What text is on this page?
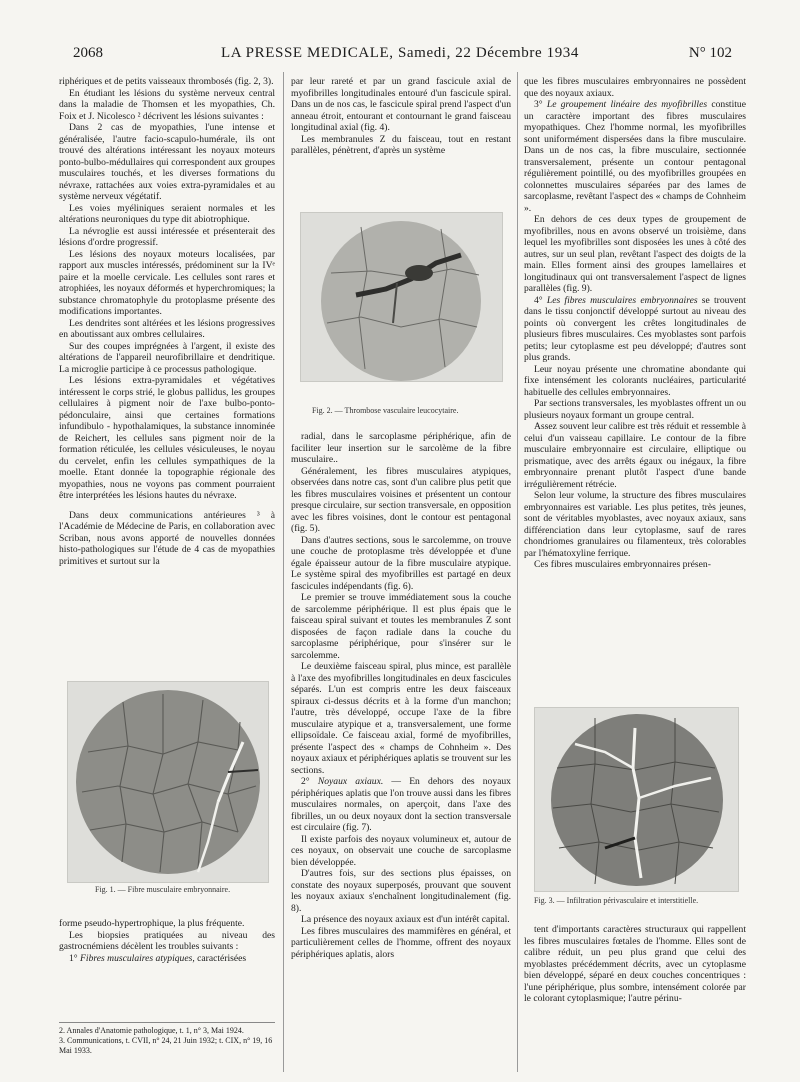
2068	LA PRESSE MEDICALE, Samedi, 22 Décembre 1934	N° 102

riphériques et de petits vaisseaux thrombosés (fig. 2, 3).

En étudiant les lésions du système nerveux central dans la maladie de Thomsen et les myopathies, Ch. Foix et J. Nicolesco ² décrivent les lésions suivantes :

Dans 2 cas de myopathies, l'une intense et généralisée, l'autre facio-scapulo-humérale, ils ont trouvé des altérations intéressant les noyaux moteurs ponto-bulbo-médullaires qui correspondent aux groupes musculaires touchés, et les diverses formations du névraxe, rattachées aux voies extra-pyramidales et au système nerveux végétatif.

Les voies myéliniques seraient normales et les altérations neuroniques du type dit abiotrophique.

La névroglie est aussi intéressée et présenterait des lésions d'ordre progressif.

Les lésions des noyaux moteurs localisées, par rapport aux muscles intéressés, prédominent sur la IVᵉ paire et la moelle cervicale. Les cellules sont rares et atrophiées, les noyaux déformés et hyperchromiques; la substance chromatophyle du protoplasme présente des modifications importantes.

Les dendrites sont altérées et les lésions progressives en aboutissant aux ombres cellulaires.

Sur des coupes imprégnées à l'argent, il existe des altérations de l'appareil neurofibrillaire et dendritique. La microglie participe à ce processus pathologique.

Les lésions extra-pyramidales et végétatives intéressent le corps strié, le globus pallidus, les groupes cellulaires à pigment noir de l'axe bulbo-ponto-pédonculaire, ainsi que certaines formations infundibulo - hypothalamiques, la substance innominée de Reichert, les cellules sans pigment noir de la formation réticulée, les cellules vésiculeuses, le noyau du cervelet, enfin les cellules sympathiques de la moelle. Etant donnée la topographie régionale des myopathies, nous ne voyons pas comment pourraient être interprétées les lésions hautes du névraxe.

Dans deux communications antérieures ³ à l'Académie de Médecine de Paris, en collaboration avec Scriban, nous avons apporté de nouvelles données histo-pathologiques sur l'étude de 4 cas de myopathies primitives et surtout sur la

Fig. 1. — Fibre musculaire embryonnaire.

forme pseudo-hypertrophique, la plus fréquente.

Les biopsies pratiquées au niveau des gastrocnémiens décèlent les troubles suivants :

1° Fibres musculaires atypiques, caractérisées

2. Annales d'Anatomie pathologique, t. 1, n° 3, Mai 1924.

3. Communications, t. CVII, n° 24, 21 Juin 1932; t. CIX, n° 19, 16 Mai 1933.

par leur rareté et par un grand fascicule axial de myofibrilles longitudinales entouré d'un fascicule spiral. Dans un de nos cas, le fascicule spiral prend l'aspect d'un anneau étroit, entourant et contournant le grand faisceau longitudinal axial (fig. 4).

Les membranules Z du faisceau, tout en restant parallèles, pénètrent, d'après un système

Fig. 2. — Thrombose vasculaire leucocytaire.

radial, dans le sarcoplasme périphérique, afin de faciliter leur insertion sur le sarcolème de la fibre musculaire..

Généralement, les fibres musculaires atypiques, observées dans notre cas, sont d'un calibre plus petit que les fibres musculaires voisines et présentent un contour presque circulaire, sur section transversale, en opposition avec les fibres voisines, dont le contour est pentagonal (fig. 5).

Dans d'autres sections, sous le sarcolemme, on trouve une couche de protoplasme très développée et d'une égale épaisseur autour de la fibre musculaire atypique. Le système spiral des myofibrilles est partagé en deux fascicules indépendants (fig. 6).

Le premier se trouve immédiatement sous la couche de sarcolemme périphérique. Il est plus épais que le faisceau spiral suivant et toutes les membranules Z sont disposées de façon radiale dans la couche du sarcoplasme périphérique, pour s'insérer sur le sarcolemme.

Le deuxième faisceau spiral, plus mince, est parallèle à l'axe des myofibrilles longitudinales en deux fascicules séparés. L'un est compris entre les deux faisceaux spiraux ci-dessus décrits et à la forme d'un manchon; l'autre, très développé, occupe l'axe de la fibre musculaire atypique et a, transversalement, une forme ellipsoïdale. Ce faisceau axial, formé de myofibrilles, présente l'aspect des « champs de Cohnheim ». Des noyaux axiaux et périphériques aplatis se trouvent sur les sections.

2° Noyaux axiaux. — En dehors des noyaux périphériques aplatis que l'on trouve aussi dans les fibres musculaires normales, on aperçoit, dans l'axe des fibrilles, un ou deux noyaux dont la section transversale est circulaire (fig. 7).

Il existe parfois des noyaux volumineux et, autour de ces noyaux, on observait une couche de sarcoplasme bien développée.

D'autres fois, sur des sections plus épaisses, on constate des noyaux superposés, prouvant que souvent les noyaux axiaux s'enchaînent longitudinalement (fig. 8).

La présence des noyaux axiaux est d'un intérêt capital.

Les fibres musculaires des mammifères en général, et particulièrement celles de l'homme, offrent des noyaux périphériques aplatis, alors

que les fibres musculaires embryonnaires ne possèdent que des noyaux axiaux.

3° Le groupement linéaire des myofibrilles constitue un caractère important des fibres musculaires myopathiques. Chez l'homme normal, les myofibrilles sont uniformément dispersées dans la fibre musculaire. Dans un de nos cas, la fibre musculaire, sectionnée transversalement, présente un contour pentagonal régulièrement pointillé, ou des myofibrilles groupées en colonnettes musculaires séparées par des lames de sarcoplasme, revêtant l'aspect des « champs de Cohnheim ».

En dehors de ces deux types de groupement de myofibrilles, nous en avons observé un troisième, dans lequel les myofibrilles sont disposées les unes à côté des autres, sur un seul plan, revêtant l'aspect des doigts de la main. Elles forment ainsi des groupes lamellaires et longitudinaux qui ont transversalement l'aspect de lignes parallèles (fig. 9).

4° Les fibres musculaires embryonnaires se trouvent dans le tissu conjonctif développé surtout au niveau des points où convergent les crêtes longitudinales de plusieurs fibres musculaires. Ces myoblastes sont parfois petits; leur cytoplasme est peu développé; d'autres sont plus grands.

Leur noyau présente une chromatine abondante qui fixe intensément les colorants nucléaires, particularité habituelle des cellules embryonnaires.

Par sections transversales, les myoblastes offrent un ou plusieurs noyaux formant un groupe central.

Assez souvent leur calibre est très réduit et ressemble à celui d'un vaisseau capillaire. Le contour de la fibre musculaire embryonnaire est circulaire, elliptique ou prismatique, avec des arrêts égaux ou inégaux, la fibre embryonnaire prenant plutôt l'aspect d'une bande irrégulièrement rétrécie.

Selon leur volume, la structure des fibres musculaires embryonnaires est variable. Les plus petites, très jeunes, sont de véritables myoblastes, avec noyaux axiaux, sans différenciation dans leur cytoplasme, sauf de rares chondriomes granulaires ou filamenteux, très colorables par l'hématoxyline ferrique.

Ces fibres musculaires embryonnaires présen-

Fig. 3. — Infiltration périvasculaire et interstitielle.

tent d'importants caractères structuraux qui rappellent les fibres musculaires fœtales de l'homme. Elles sont de calibre réduit, un peu plus grand que celui des myoblastes précédemment décrits, avec un cytoplasme bien développé, séparé en deux couches concentriques : l'une périphérique, plus sombre, intensément colorée par le colorant cytoplasmique; l'autre périnu-
